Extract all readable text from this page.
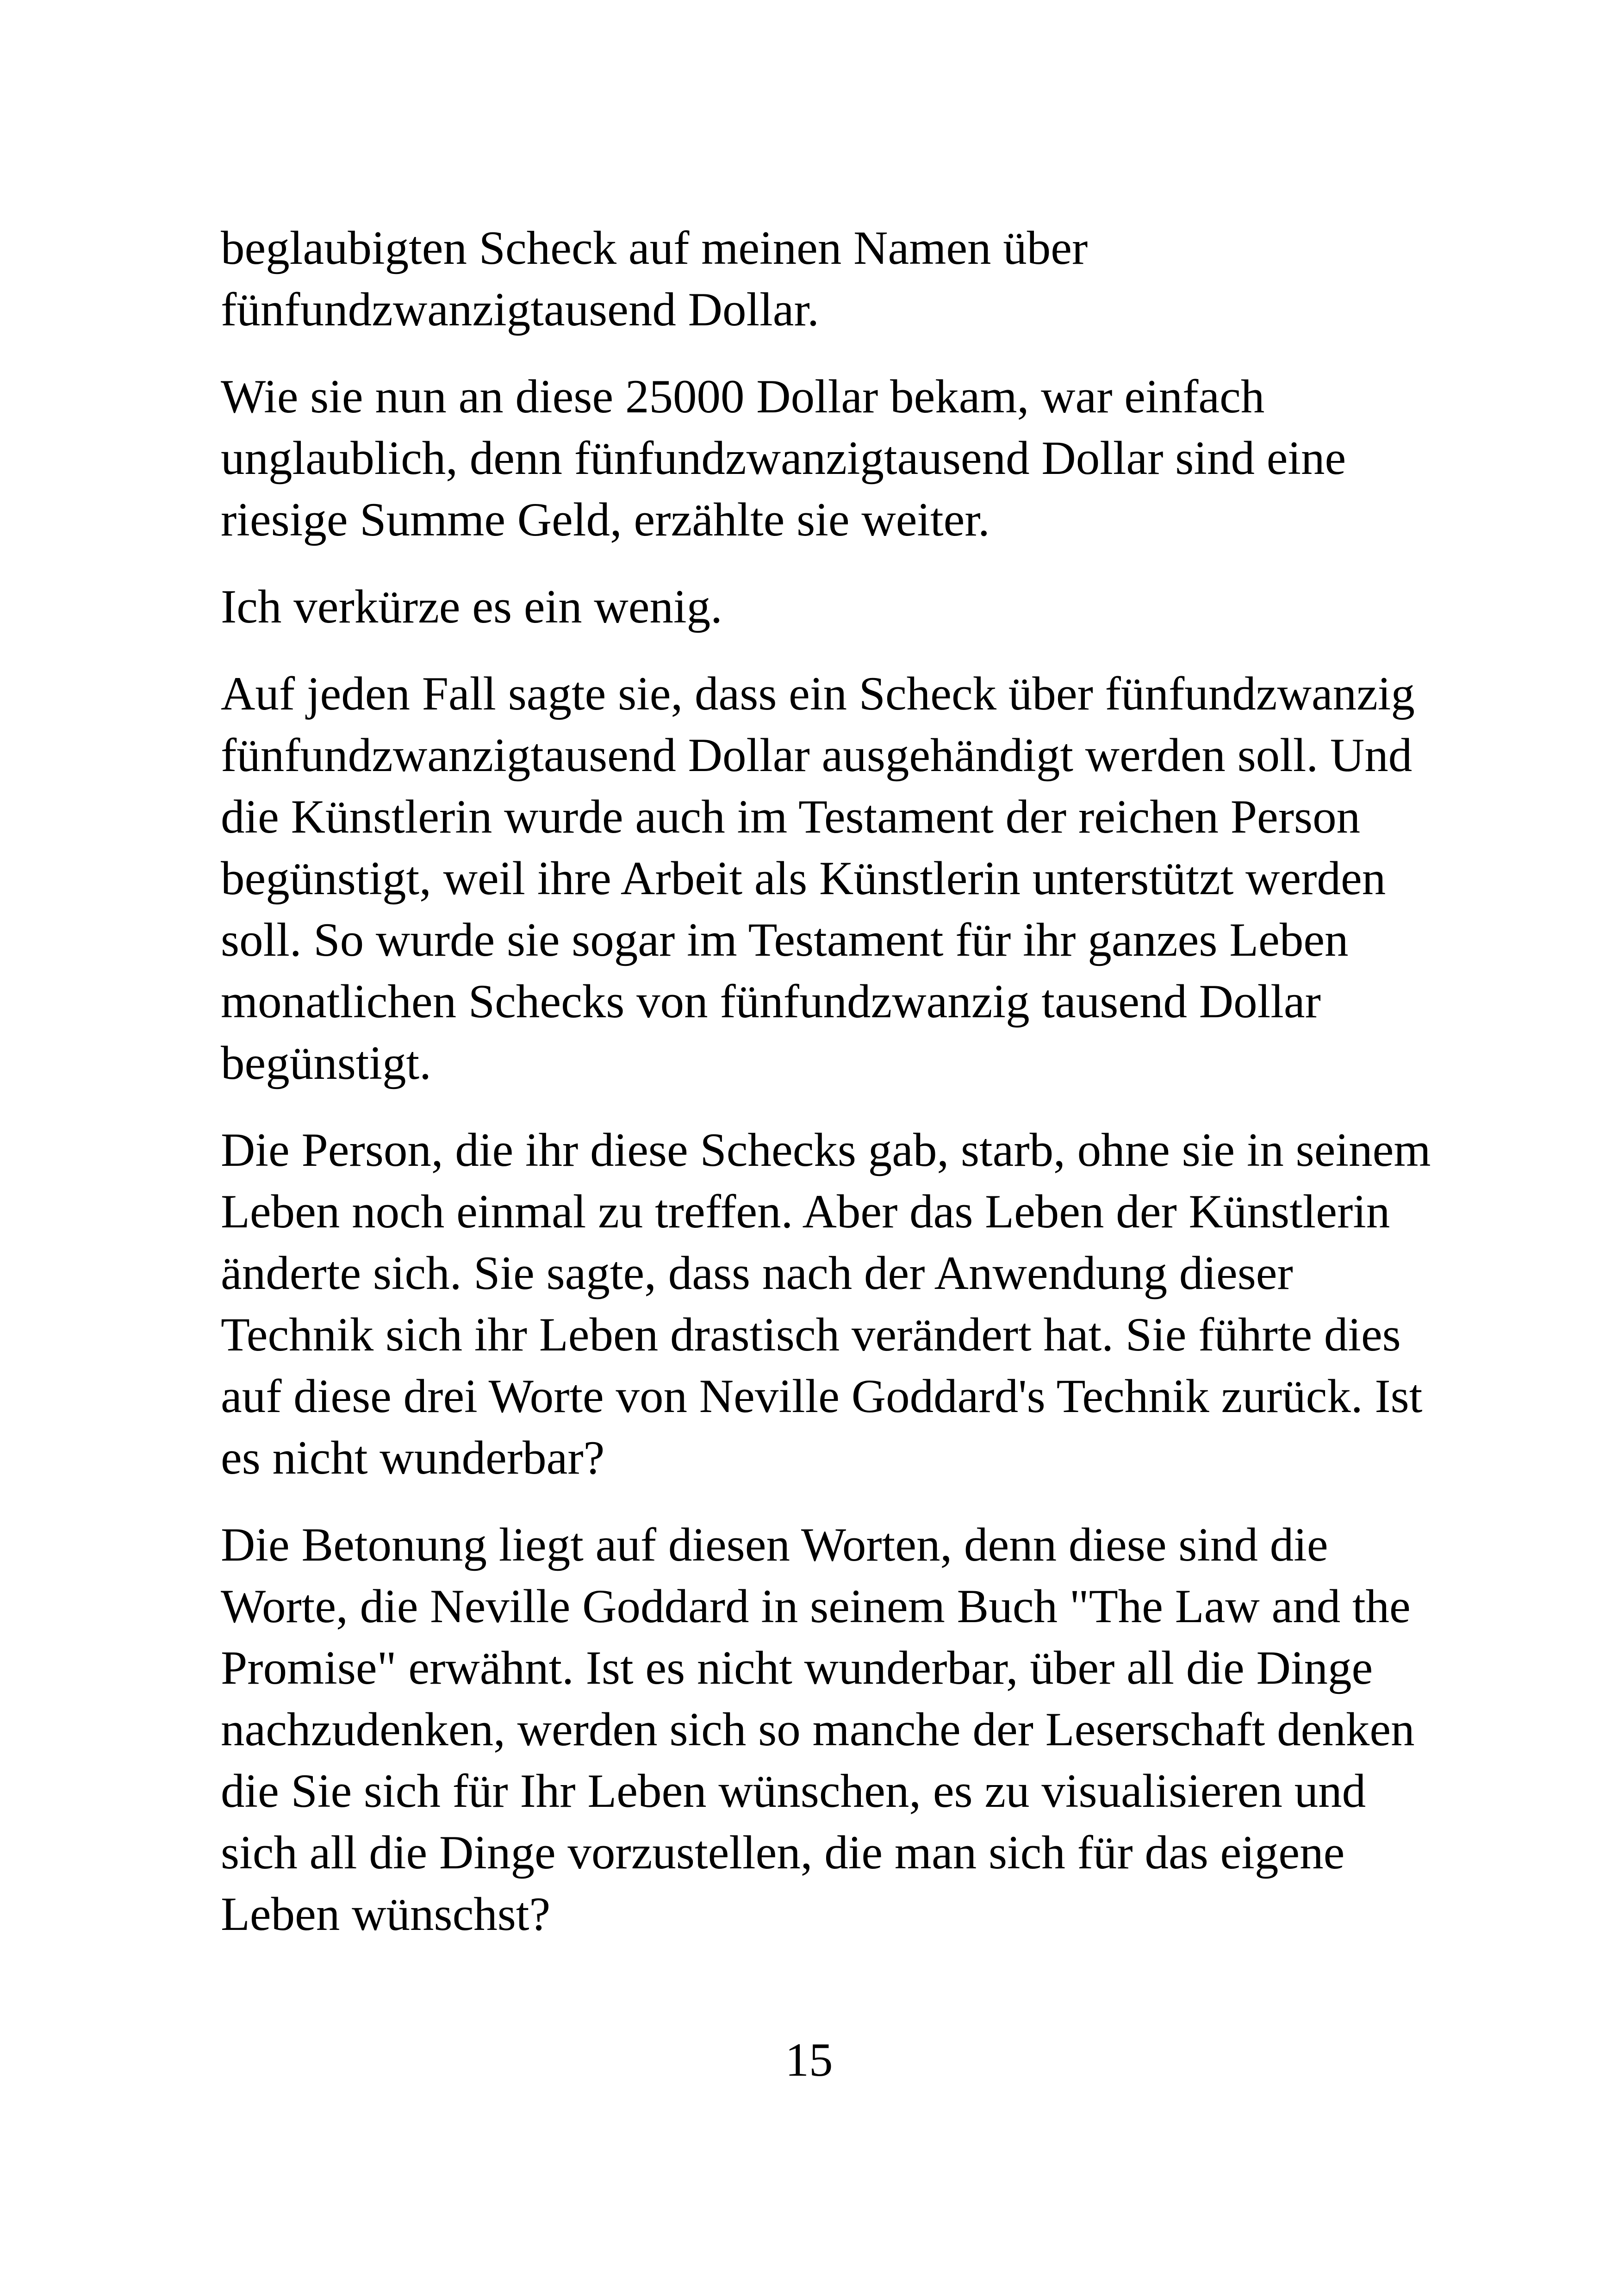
beglaubigten Scheck auf meinen Namen über
fünfundzwanzigtausend Dollar.

Wie sie nun an diese 25000 Dollar bekam, war einfach
unglaublich, denn fünfundzwanzigtausend Dollar sind eine
riesige Summe Geld, erzählte sie weiter.

Ich verkürze es ein wenig.

Auf jeden Fall sagte sie, dass ein Scheck über fünfundzwanzig
fünfundzwanzigtausend Dollar ausgehändigt werden soll. Und
die Künstlerin wurde auch im Testament der reichen Person
begünstigt, weil ihre Arbeit als Künstlerin unterstützt werden
soll. So wurde sie sogar im Testament für ihr ganzes Leben
monatlichen Schecks von fünfundzwanzig tausend Dollar
begünstigt.

Die Person, die ihr diese Schecks gab, starb, ohne sie in seinem
Leben noch einmal zu treffen. Aber das Leben der Künstlerin
änderte sich. Sie sagte, dass nach der Anwendung dieser
Technik sich ihr Leben drastisch verändert hat. Sie führte dies
auf diese drei Worte von Neville Goddard's Technik zurück. Ist
es nicht wunderbar?

Die Betonung liegt auf diesen Worten, denn diese sind die
Worte, die Neville Goddard in seinem Buch "The Law and the
Promise" erwähnt. Ist es nicht wunderbar, über all die Dinge
nachzudenken, werden sich so manche der Leserschaft denken
die Sie sich für Ihr Leben wünschen, es zu visualisieren und
sich all die Dinge vorzustellen, die man sich für das eigene
Leben wünschst?

15
